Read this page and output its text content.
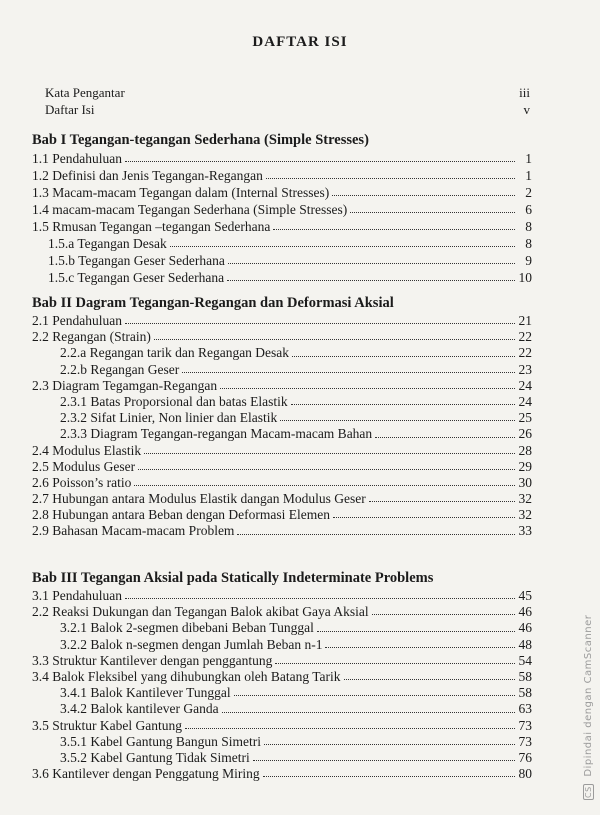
DAFTAR ISI
Kata Pengantar	iii
Daftar Isi	v
Bab I Tegangan-tegangan Sederhana (Simple Stresses)
1.1 Pendahuluan	1
1.2 Definisi dan Jenis Tegangan-Regangan	1
1.3 Macam-macam Tegangan dalam (Internal Stresses)	2
1.4 macam-macam Tegangan Sederhana (Simple Stresses)	6
1.5 Rmusan Tegangan –tegangan Sederhana	8
1.5.a Tegangan Desak	8
1.5.b Tegangan Geser Sederhana	9
1.5.c Tegangan Geser Sederhana	10
Bab II Dagram Tegangan-Regangan dan Deformasi Aksial
2.1 Pendahuluan	21
2.2 Regangan (Strain)	22
2.2.a Regangan tarik dan Regangan Desak	22
2.2.b Regangan Geser	23
2.3 Diagram Tegamgan-Regangan	24
2.3.1 Batas Proporsional dan batas Elastik	24
2.3.2 Sifat Linier, Non linier dan Elastik	25
2.3.3 Diagram Tegangan-regangan Macam-macam Bahan	26
2.4 Modulus Elastik	28
2.5 Modulus Geser	29
2.6 Poisson’s ratio	30
2.7 Hubungan antara Modulus Elastik dangan Modulus Geser	32
2.8 Hubungan antara Beban dengan Deformasi Elemen	32
2.9 Bahasan Macam-macam Problem	33
Bab III Tegangan Aksial pada Statically Indeterminate Problems
3.1 Pendahuluan	45
2.2 Reaksi Dukungan dan Tegangan Balok akibat Gaya Aksial	46
3.2.1 Balok 2-segmen dibebani Beban Tunggal	46
3.2.2 Balok n-segmen dengan Jumlah Beban n-1	48
3.3 Struktur Kantilever dengan penggantung	54
3.4 Balok Fleksibel yang dihubungkan oleh Batang Tarik	58
3.4.1 Balok Kantilever Tunggal	58
3.4.2 Balok kantilever Ganda	63
3.5 Struktur Kabel Gantung	73
3.5.1 Kabel Gantung Bangun Simetri	73
3.5.2 Kabel Gantung Tidak Simetri	76
3.6 Kantilever dengan Penggatung Miring	80
CS Dipindai dengan CamScanner
